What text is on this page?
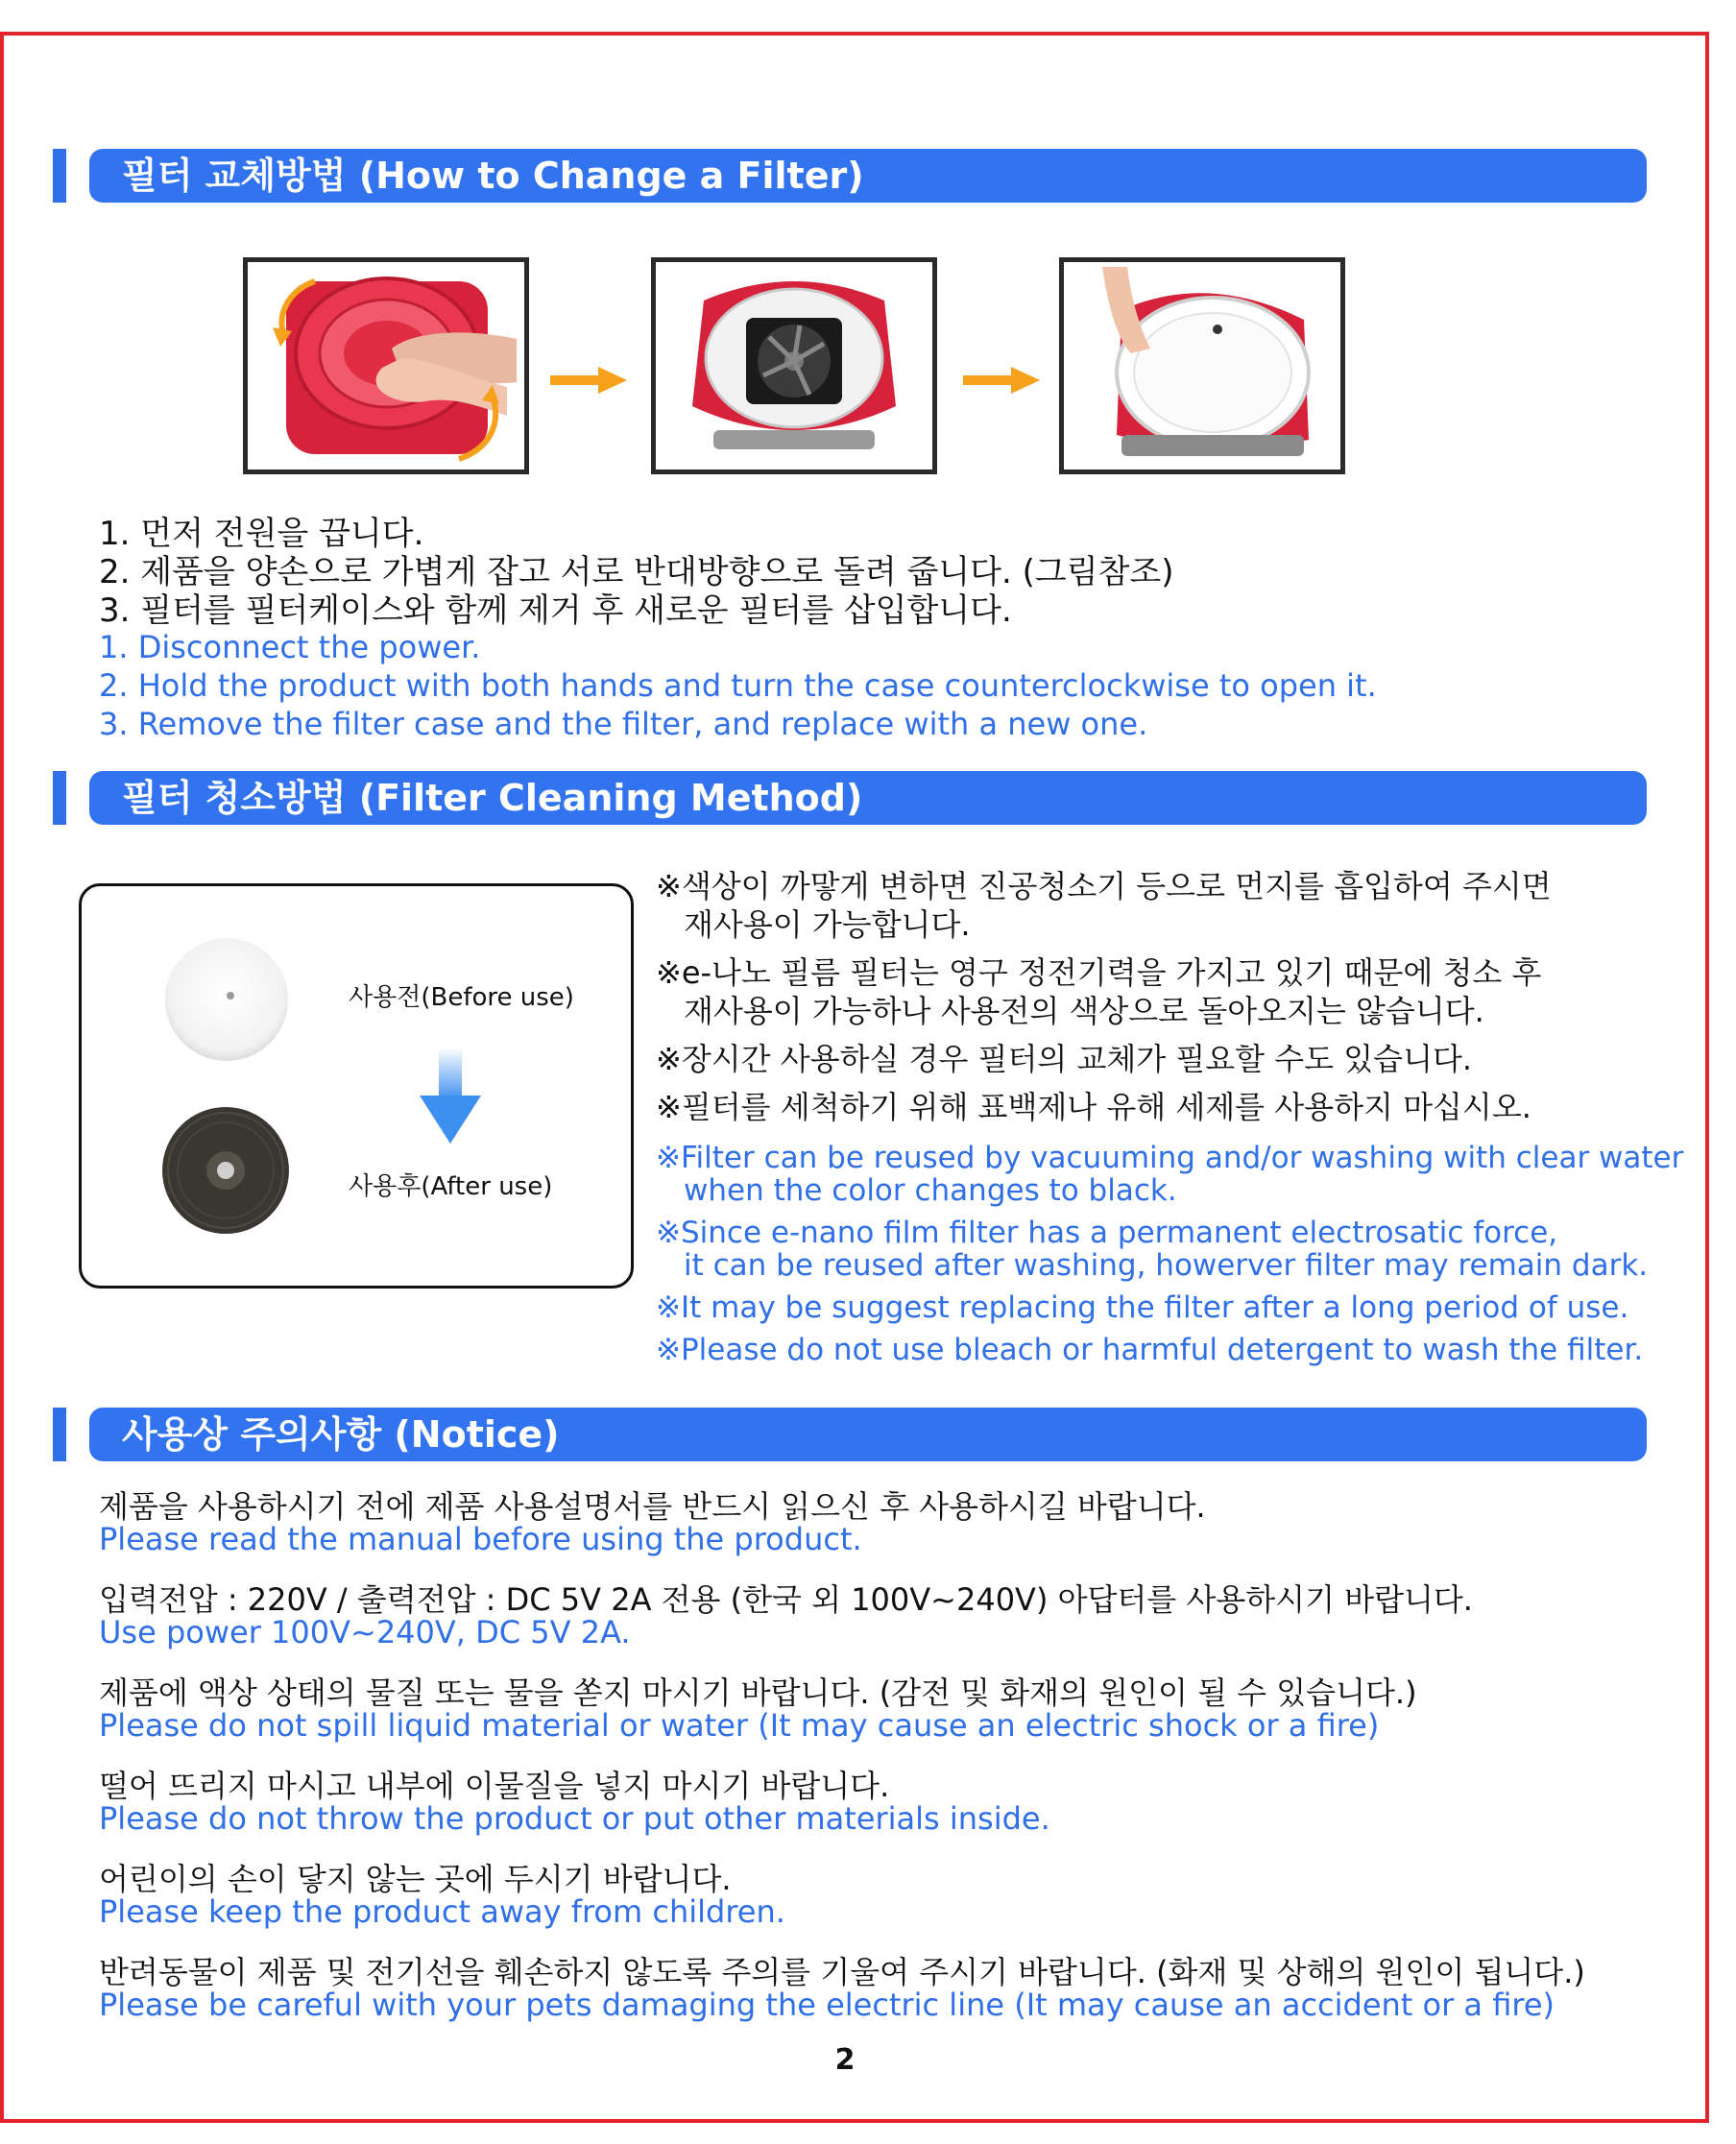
필터 교체방법 (How to Change a Filter)
1. 먼저 전원을 끕니다.
2. 제품을 양손으로 가볍게 잡고 서로 반대방향으로 돌려 줍니다. (그림참조)
3. 필터를 필터케이스와 함께 제거 후 새로운 필터를 삽입합니다.
1. Disconnect the power.
2. Hold the product with both hands and turn the case counterclockwise to open it.
3. Remove the filter case and the filter, and replace with a new one.
필터 청소방법 (Filter Cleaning Method)
사용전(Before use)
사용후(After use)
※색상이 까맣게 변하면 진공청소기 등으로 먼지를 흡입하여 주시면
재사용이 가능합니다.
※e-나노 필름 필터는 영구 정전기력을 가지고 있기 때문에 청소 후
재사용이 가능하나 사용전의 색상으로 돌아오지는 않습니다.
※장시간 사용하실 경우 필터의 교체가 필요할 수도 있습니다.
※필터를 세척하기 위해 표백제나 유해 세제를 사용하지 마십시오.
※Filter can be reused by vacuuming and/or washing with clear water
when the color changes to black.
※Since e-nano film filter has a permanent electrosatic force,
it can be reused after washing, howerver filter may remain dark.
※It may be suggest replacing the filter after a long period of use.
※Please do not use bleach or harmful detergent to wash the filter.
사용상 주의사항 (Notice)
제품을 사용하시기 전에 제품 사용설명서를 반드시 읽으신 후 사용하시길 바랍니다.
Please read the manual before using the product.
입력전압 : 220V / 출력전압 : DC 5V 2A 전용 (한국 외 100V~240V) 아답터를 사용하시기 바랍니다.
Use power 100V~240V, DC 5V 2A.
제품에 액상 상태의 물질 또는 물을 쏟지 마시기 바랍니다. (감전 및 화재의 원인이 될 수 있습니다.)
Please do not spill liquid material or water (It may cause an electric shock or a fire)
떨어 뜨리지 마시고 내부에 이물질을 넣지 마시기 바랍니다.
Please do not throw the product or put other materials inside.
어린이의 손이 닿지 않는 곳에 두시기 바랍니다.
Please keep the product away from children.
반려동물이 제품 및 전기선을 훼손하지 않도록 주의를 기울여 주시기 바랍니다. (화재 및 상해의 원인이 됩니다.)
Please be careful with your pets damaging the electric line (It may cause an accident or a fire)
2
